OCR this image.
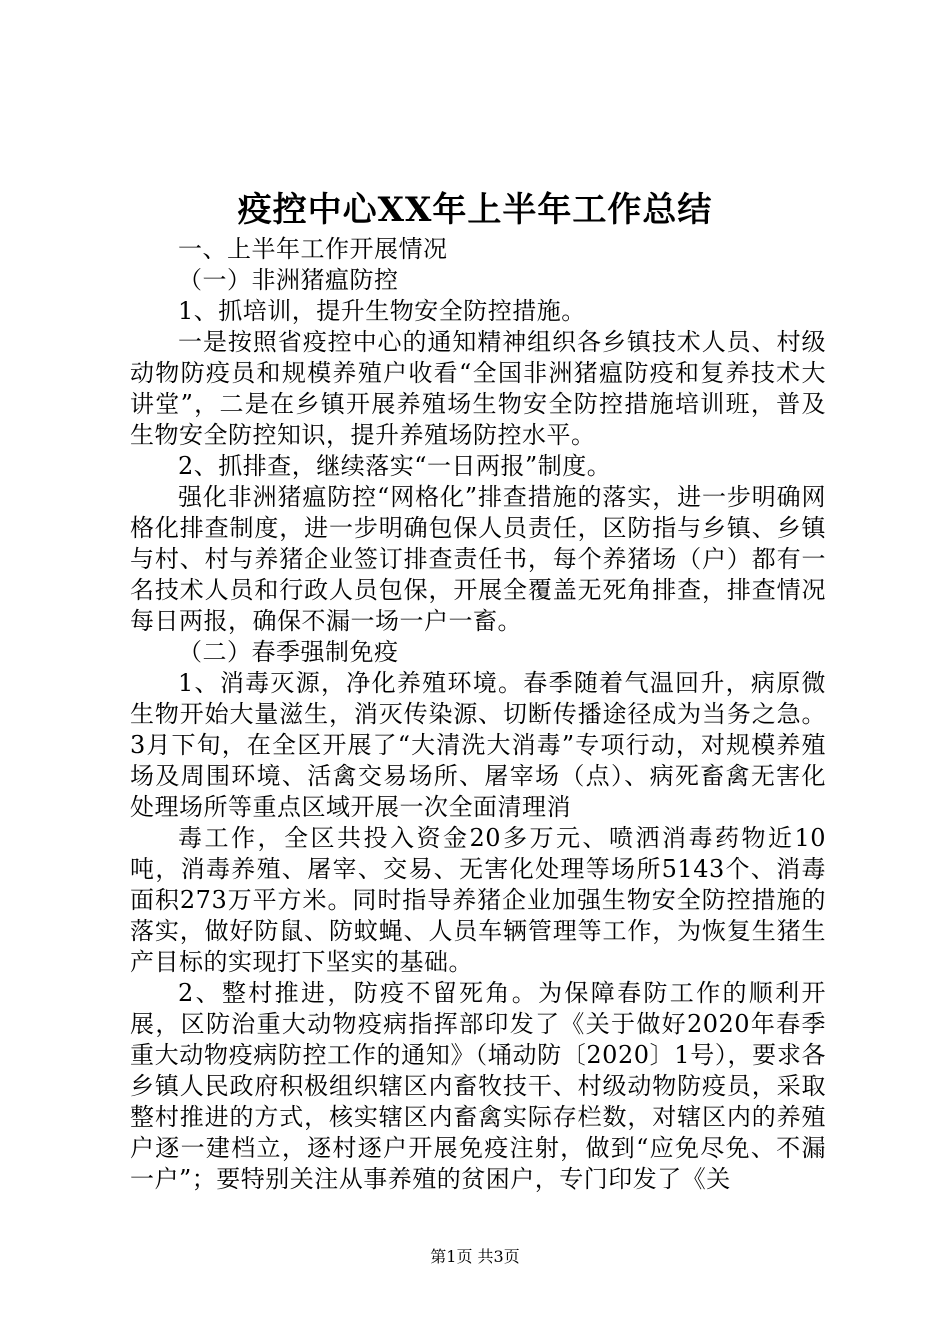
疫控中心XX年上半年工作总结

一、上半年工作开展情况

（一）非洲猪瘟防控

1、抓培训，提升生物安全防控措施。

一是按照省疫控中心的通知精神组织各乡镇技术人员、村级动物防疫员和规模养殖户收看“全国非洲猪瘟防疫和复养技术大讲堂”，二是在乡镇开展养殖场生物安全防控措施培训班，普及生物安全防控知识，提升养殖场防控水平。

2、抓排查，继续落实“一日两报”制度。

强化非洲猪瘟防控“网格化”排查措施的落实，进一步明确网格化排查制度，进一步明确包保人员责任，区防指与乡镇、乡镇与村、村与养猪企业签订排查责任书，每个养猪场（户）都有一名技术人员和行政人员包保，开展全覆盖无死角排查，排查情况每日两报，确保不漏一场一户一畜。

（二）春季强制免疫

1、消毒灭源，净化养殖环境。春季随着气温回升，病原微生物开始大量滋生，消灭传染源、切断传播途径成为当务之急。3月下旬，在全区开展了“大清洗大消毒”专项行动，对规模养殖场及周围环境、活禽交易场所、屠宰场（点）、病死畜禽无害化处理场所等重点区域开展一次全面清理消

毒工作，全区共投入资金20多万元、喷洒消毒药物近10吨，消毒养殖、屠宰、交易、无害化处理等场所5143个、消毒面积273万平方米。同时指导养猪企业加强生物安全防控措施的落实，做好防鼠、防蚊蝇、人员车辆管理等工作，为恢复生猪生产目标的实现打下坚实的基础。

2、整村推进，防疫不留死角。为保障春防工作的顺利开展，区防治重大动物疫病指挥部印发了《关于做好2020年春季重大动物疫病防控工作的通知》（埇动防〔2020〕1号），要求各乡镇人民政府积极组织辖区内畜牧技干、村级动物防疫员，采取整村推进的方式，核实辖区内畜禽实际存栏数，对辖区内的养殖户逐一建档立，逐村逐户开展免疫注射，做到“应免尽免、不漏一户”；要特别关注从事养殖的贫困户，专门印发了《关

第1页 共3页
